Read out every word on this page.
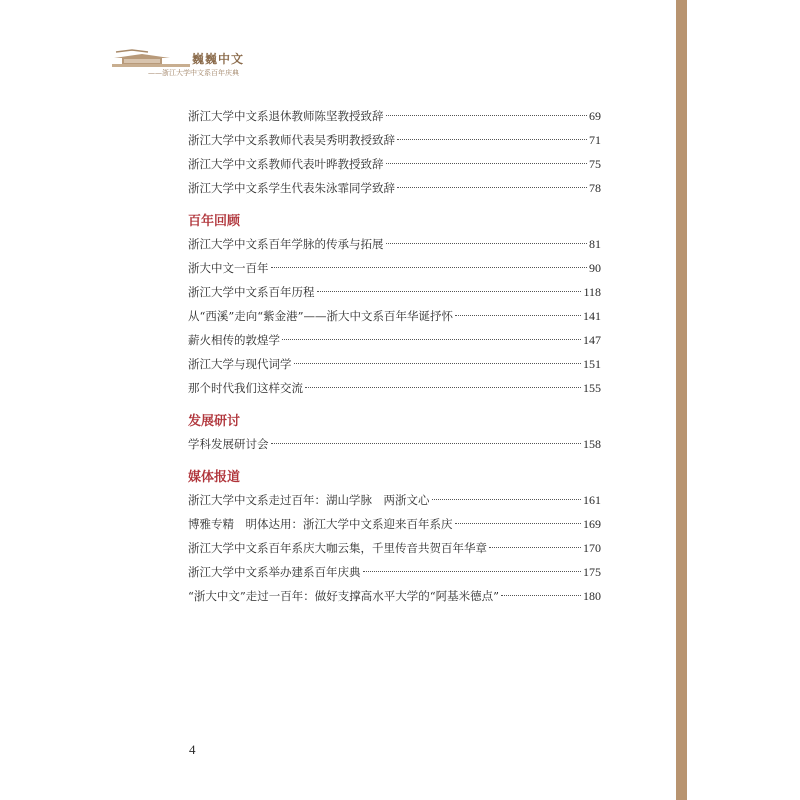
巍巍中文
——浙江大学中文系百年庆典
浙江大学中文系退休教师陈坚教授致辞	69
浙江大学中文系教师代表吴秀明教授致辞	71
浙江大学中文系教师代表叶晔教授致辞	75
浙江大学中文系学生代表朱泳霏同学致辞	78
百年回顾
浙江大学中文系百年学脉的传承与拓展	81
浙大中文一百年	90
浙江大学中文系百年历程	118
从“西溪”走向“紫金港”——浙大中文系百年华诞抒怀	141
薪火相传的敦煌学	147
浙江大学与现代词学	151
那个时代我们这样交流	155
发展研讨
学科发展研讨会	158
媒体报道
浙江大学中文系走过百年：湖山学脉　两浙文心	161
博雅专精　明体达用：浙江大学中文系迎来百年系庆	169
浙江大学中文系百年系庆大咖云集，千里传音共贺百年华章	170
浙江大学中文系举办建系百年庆典	175
“浙大中文”走过一百年：做好支撑高水平大学的“阿基米德点”	180
4
